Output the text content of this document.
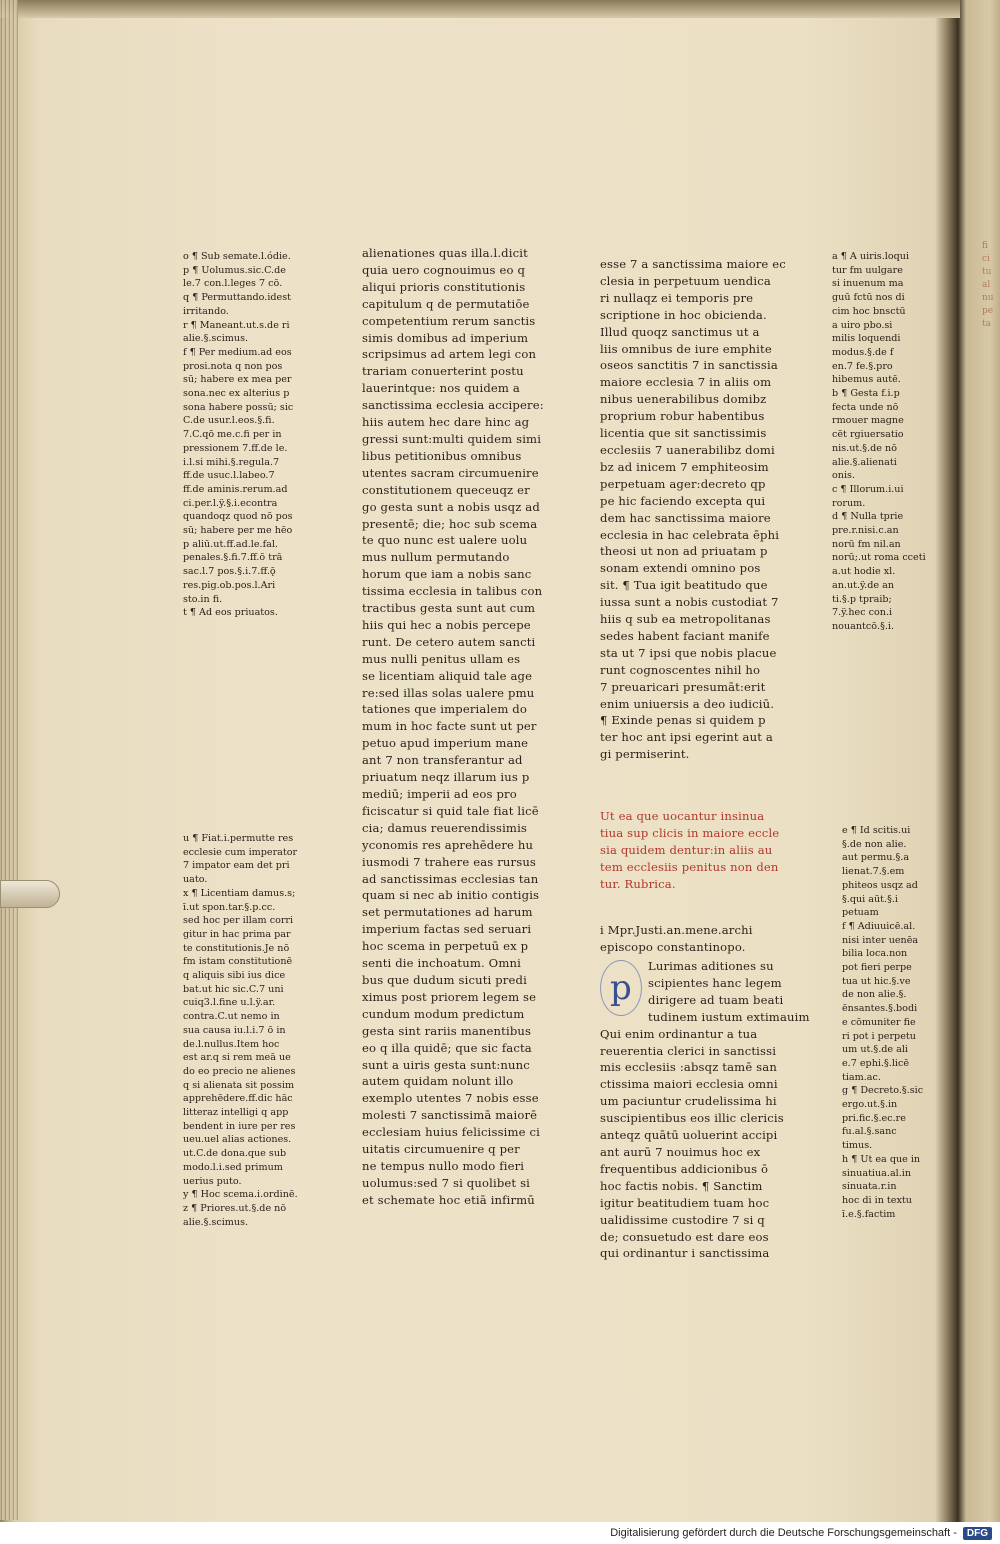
o ¶ Sub semate.l.ódie.
p ¶ Uolumus.sic.C.de
le.7 con.l.leges 7 cō.
q ¶ Permuttando.idest
irritando.
r ¶ Maneant.ut.s.de ri
alie.§.scimus.
f ¶ Per medium.ad eos
prosi.nota q non pos
sū; habere ex mea per
sona.nec ex alterius p
sona habere possū; sic
C.de usur.l.eos.§.fi.
7.C.qō me.c.fi per in
pressionem 7.ff.de le.
i.l.si mihi.§.regula.7
ff.de usuc.l.labeo.7
ff.de aminis.rerum.ad
ci.per.l.ÿ.§.i.econtra
quandoqz quod nō pos
sū; habere per me hēo
p aliū.ut.ff.ad.le.fal.
penales.§.fi.7.ff.ō trā
sac.l.7 pos.§.i.7.ff.ǭ
res.pig.ob.pos.l.Ari
sto.in fi.
t ¶ Ad eos priuatos.
u ¶ Fiat.i.permutte res
ecclesie cum imperator
7 impator eam det pri
uato.
x ¶ Licentiam damus.s;
ī.ut spon.tar.§.p.cc.
sed hoc per illam corri
gitur in hac prima par
te constitutionis.Je nō
fm istam constitutionē
q aliquis sibi ius dice
bat.ut hic sic.C.7 uni
cuiq3.l.fine u.l.ÿ.ar.
contra.C.ut nemo in
sua causa iu.l.i.7 ō in
de.l.nullus.Item hoc
est ar.q si rem meā ue
do eo precio ne alienes
q si alienata sit possim
apprehēdere.ff.dic hāc
litteraz intelligi q app
bendent in iure per res
ueu.uel alias actiones.
ut.C.de dona.que sub
modo.l.i.sed primum
uerius puto.
y ¶ Hoc scema.i.ordinē.
z ¶ Priores.ut.§.de nō
alie.§.scimus.
alienationes quas illa.l.dicit
quia uero cognouimus eo q
aliqui prioris constitutionis
capitulum q de permutatiōe
competentium rerum sanctis
simis domibus ad imperium
scripsimus ad artem legi con
trariam conuerterint postu
lauerintque: nos quidem a
sanctissima ecclesia accipere:
hiis autem hec dare hinc ag
gressi sunt:multi quidem simi
libus petitionibus omnibus
utentes sacram circumuenire
constitutionem queceuqz er
go gesta sunt a nobis usqz ad
presentē; die; hoc sub scema
te quo nunc est ualere uolu
mus nullum permutando
horum que iam a nobis sanc
tissima ecclesia in talibus con
tractibus gesta sunt aut cum
hiis qui hec a nobis percepe
runt. De cetero autem sancti
mus nulli penitus ullam es
se licentiam aliquid tale age
re:sed illas solas ualere pmu
tationes que imperialem do
mum in hoc facte sunt ut per
petuo apud imperium mane
ant 7 non transferantur ad
priuatum neqz illarum ius p
mediū; imperii ad eos pro
ficiscatur si quid tale fiat licē
cia; damus reuerendissimis
yconomis res aprehēdere hu
iusmodi 7 trahere eas rursus
ad sanctissimas ecclesias tan
quam si nec ab initio contigis
set permutationes ad harum
imperium factas sed seruari
hoc scema in perpetuū ex p
senti die inchoatum. Omni
bus que dudum sicuti predi
ximus post priorem legem se
cundum modum predictum
gesta sint rariis manentibus
eo q illa quidē; que sic facta
sunt a uiris gesta sunt:nunc
autem quidam nolunt illo
exemplo utentes 7 nobis esse
molesti 7 sanctissimā maiorē
ecclesiam huius felicissime ci
uitatis circumuenire q per
ne tempus nullo modo fieri
uolumus:sed 7 si quolibet si
et schemate hoc etiā infirmū
esse 7 a sanctissima maiore ec
clesia in perpetuum uendica
ri nullaqz ei temporis pre
scriptione in hoc obicienda.
Illud quoqz sanctimus ut a
liis omnibus de iure emphite
oseos sanctitis 7 in sanctissia
maiore ecclesia 7 in aliis om
nibus uenerabilibus domibz
proprium robur habentibus
licentia que sit sanctissimis
ecclesiis 7 uanerabilibz domi
bz ad inicem 7 emphiteosim
perpetuam ager:decreto qp
pe hic faciendo excepta qui
dem hac sanctissima maiore
ecclesia in hac celebrata ēphi
theosi ut non ad priuatam p
sonam extendi omnino pos
sit. ¶ Tua igit beatitudo que
iussa sunt a nobis custodiat 7
hiis q sub ea metropolitanas
sedes habent faciant manife
sta ut 7 ipsi que nobis placue
runt cognoscentes nihil ho
7 preuaricari presumāt:erit
enim uniuersis a deo iudiciū.
¶ Exinde penas si quidem p
ter hoc ant ipsi egerint aut a
gi permiserint.
Ut ea que uocantur insinua
tiua sup clicis in maiore eccle
sia quidem dentur:in aliis au
tem ecclesiis penitus non den
tur. Rubrica.
i Mpr.Justi.an.mene.archi
episcopo constantinopo.
p
Lurimas aditiones su
scipientes hanc legem
dirigere ad tuam beati
tudinem iustum extimauim
Qui enim ordinantur a tua
reuerentia clerici in sanctissi
mis ecclesiis :absqz tamē san
ctissima maiori ecclesia omni
um paciuntur crudelissima hi
suscipientibus eos illic clericis
anteqz quātū uoluerint accipi
ant aurū 7 nouimus hoc ex
frequentibus addicionibus ō
hoc factis nobis. ¶ Sanctim
igitur beatitudiem tuam hoc
ualidissime custodire 7 si q
de; consuetudo est dare eos
qui ordinantur i sanctissima
a ¶ A uiris.loqui
tur fm uulgare
si inuenum ma
guū fctū nos di
cim hoc bnsctū
a uiro pbo.si
milis loquendi
modus.§.de f
en.7 fe.§.pro
hibemus autē.
b ¶ Gesta f.i.p
fecta unde nō
rmouer magne
cēt rgiuersatio
nis.ut.§.de nō
alie.§.alienati
onis.
c ¶ Illorum.i.ui
rorum.
d ¶ Nulla tprie
pre.r.nisi.c.an
norū fm nil.an
norū;.ut roma cceti
a.ut hodie xl.
an.ut.ÿ.de an
ti.§.p tpraib;
7.ÿ.hec con.i
nouantcō.§.i.
e ¶ Id scitis.ui
§.de non alie.
aut permu.§.a
lienat.7.§.em
phiteos usqz ad
§.qui aūt.§.i
petuam
f ¶ Adiuuicē.al.
nisi inter uenēa
bilia loca.non
pot fieri perpe
tua ut hic.§.ve
de non alie.§.
ēnsantes.§.bodi
e cōmuniter fie
ri pot i perpetu
um ut.§.de ali
e.7 ephi.§.licē
tiam.ac.
g ¶ Decreto.§.sic
ergo.ut.§.in
pri.fic.§.ec.re
fu.al.§.sanc
timus.
h ¶ Ut ea que in
sinuatiua.al.in
sinuata.r.in
hoc di in textu
ī.e.§.factim
fi
ci
tu
al
nu
pe
ta
Digitalisierung gefördert durch die Deutsche Forschungsgemeinschaft -	DFG
